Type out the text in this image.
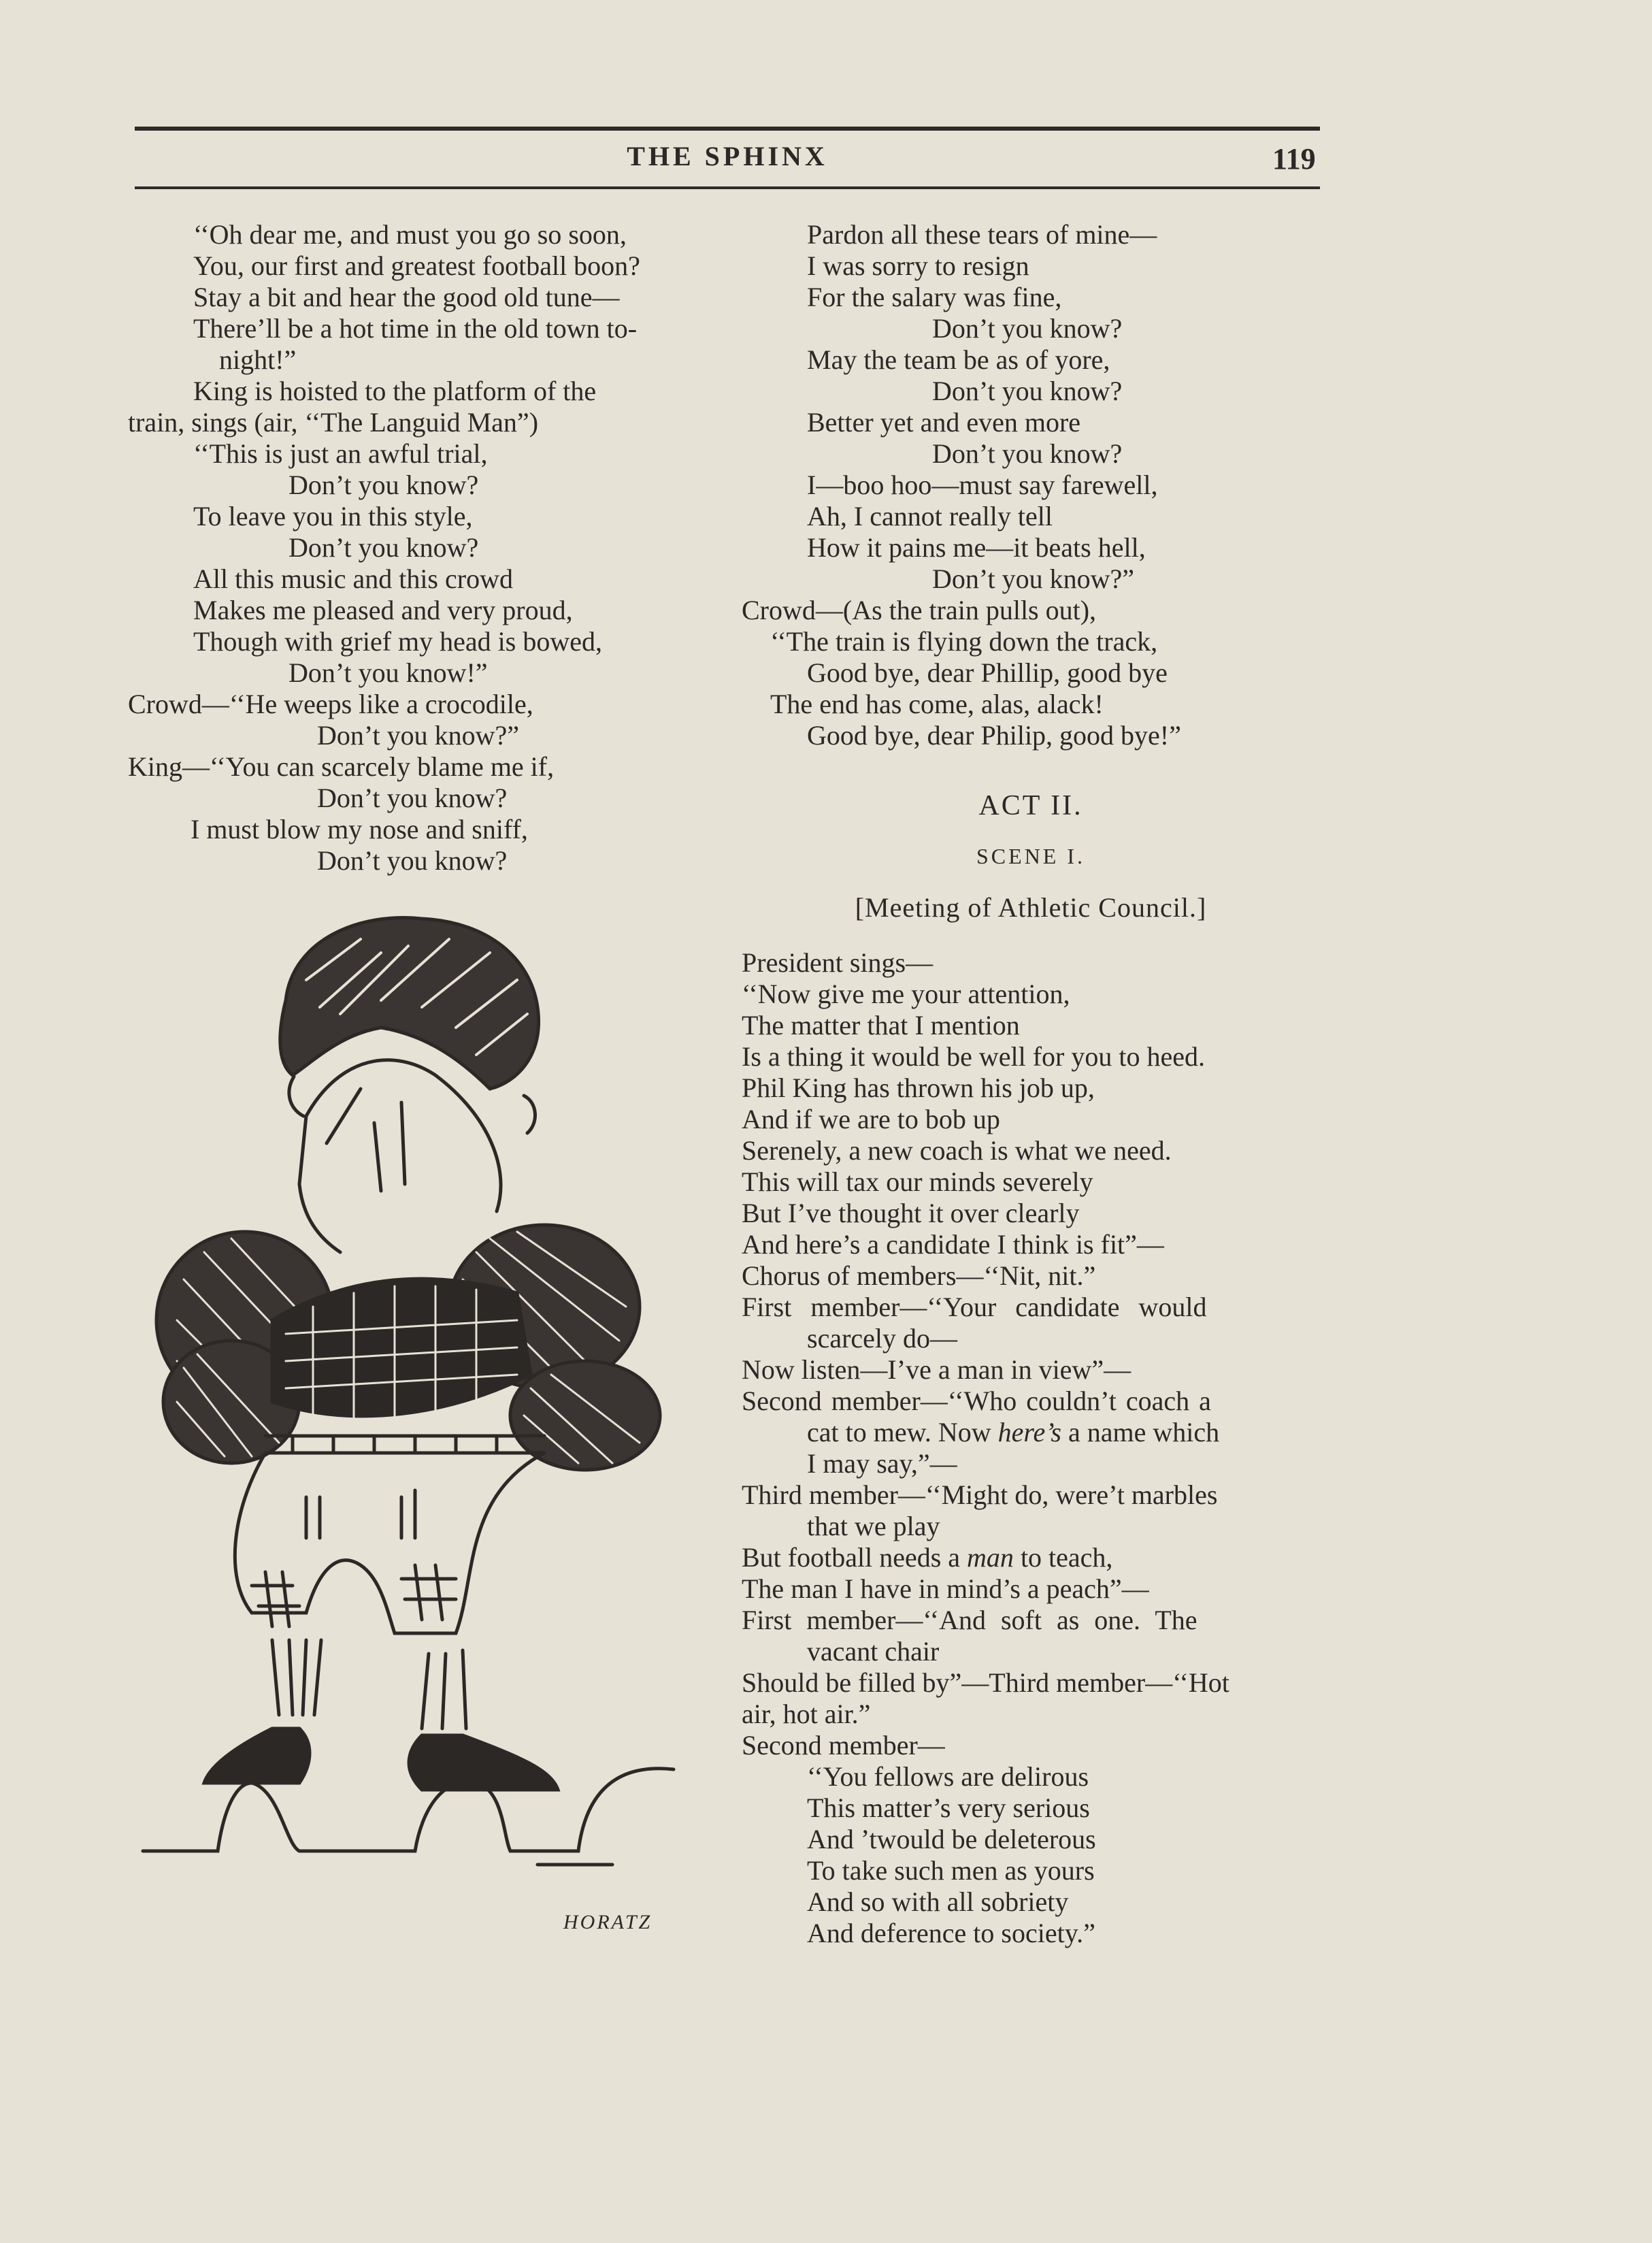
THE SPHINX	119
‘‘Oh dear me, and must you go so soon,
You, our first and greatest football boon?
Stay a bit and hear the good old tune—
There’ll be a hot time in the old town to-
night!”
King is hoisted to the platform of the
train, sings (air, ‘‘The Languid Man”)
‘‘This is just an awful trial,
Don’t you know?
To leave you in this style,
Don’t you know?
All this music and this crowd
Makes me pleased and very proud,
Though with grief my head is bowed,
Don’t you know!”
Crowd—‘‘He weeps like a crocodile,
Don’t you know?”
King—‘‘You can scarcely blame me if,
Don’t you know?
I must blow my nose and sniff,
Don’t you know?
HORATZ
Pardon all these tears of mine—
I was sorry to resign
For the salary was fine,
Don’t you know?
May the team be as of yore,
Don’t you know?
Better yet and even more
Don’t you know?
I—boo hoo—must say farewell,
Ah, I cannot really tell
How it pains me—it beats hell,
Don’t you know?”
Crowd—(As the train pulls out),
‘‘The train is flying down the track,
Good bye, dear Phillip, good bye
The end has come, alas, alack!
Good bye, dear Philip, good bye!”
ACT II.
SCENE I.
[Meeting of Athletic Council.]
President sings—
‘‘Now give me your attention,
The matter that I mention
Is a thing it would be well for you to heed.
Phil King has thrown his job up,
And if we are to bob up
Serenely, a new coach is what we need.
This will tax our minds severely
But I’ve thought it over clearly
And here’s a candidate I think is fit”—
Chorus of members—‘‘Nit, nit.”
First member—‘‘Your candidate would
scarcely do—
Now listen—I’ve a man in view”—
Second member—‘‘Who couldn’t coach a
cat to mew. Now here’s a name which
I may say,”—
Third member—‘‘Might do, were’t marbles
that we play
But football needs a man to teach,
The man I have in mind’s a peach”—
First member—‘‘And soft as one. The
vacant chair
Should be filled by”—Third member—‘‘Hot
air, hot air.”
Second member—
‘‘You fellows are delirous
This matter’s very serious
And ’twould be deleterous
To take such men as yours
And so with all sobriety
And deference to society.”
